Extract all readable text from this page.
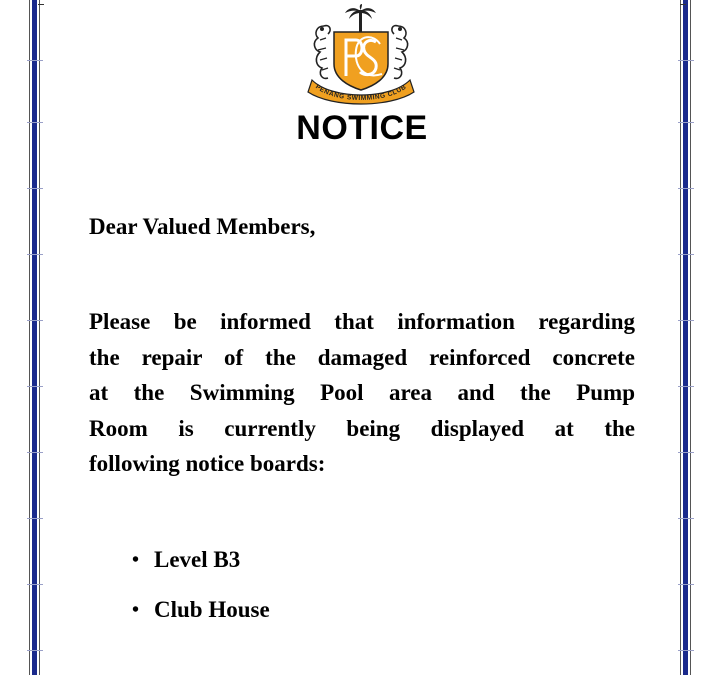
PENANG SWIMMING CLUB
NOTICE
Dear Valued Members,
Please be informed that information regarding
the repair of the damaged reinforced concrete
at the Swimming Pool area and the Pump
Room is currently being displayed at the
following notice boards:
• Level B3
• Club House
